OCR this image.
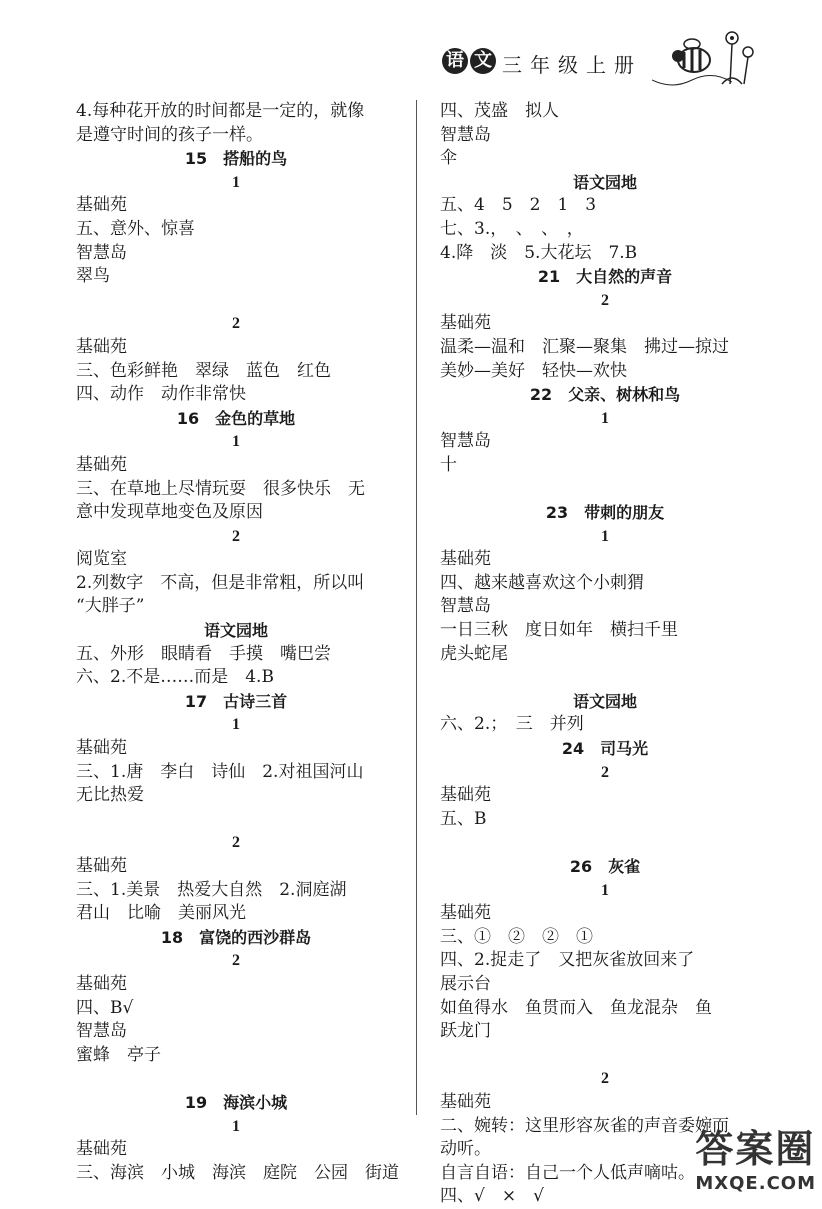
语 文 三年级上册
4.每种花开放的时间都是一定的，就像
是遵守时间的孩子一样。
15　搭船的鸟
1
基础苑
五、意外、惊喜
智慧岛
翠鸟
2
基础苑
三、色彩鲜艳　翠绿　蓝色　红色
四、动作　动作非常快
16　金色的草地
1
基础苑
三、在草地上尽情玩耍　很多快乐　无
意中发现草地变色及原因
2
阅览室
2.列数字　不高，但是非常粗，所以叫
“大胖子”
语文园地
五、外形　眼睛看　手摸　嘴巴尝
六、2.不是……而是　4.B
17　古诗三首
1
基础苑
三、1.唐　李白　诗仙　2.对祖国河山
无比热爱
2
基础苑
三、1.美景　热爱大自然　2.洞庭湖
君山　比喻　美丽风光
18　富饶的西沙群岛
2
基础苑
四、B√
智慧岛
蜜蜂　亭子
19　海滨小城
1
基础苑
三、海滨　小城　海滨　庭院　公园　街道
四、茂盛　拟人
智慧岛
伞
语文园地
五、4　5　2　1　3
七、3.，　、　、　，
4.降　淡　5.大花坛　7.B
21　大自然的声音
2
基础苑
温柔—温和　汇聚—聚集　拂过—掠过
美妙—美好　轻快—欢快
22　父亲、树林和鸟
1
智慧岛
十
23　带刺的朋友
1
基础苑
四、越来越喜欢这个小刺猬
智慧岛
一日三秋　度日如年　横扫千里
虎头蛇尾
语文园地
六、2.；　三　并列
24　司马光
2
基础苑
五、B
26　灰雀
1
基础苑
三、①　②　②　①
四、2.捉走了　又把灰雀放回来了
展示台
如鱼得水　鱼贯而入　鱼龙混杂　鱼
跃龙门
2
基础苑
二、婉转：这里形容灰雀的声音委婉而
动听。
自言自语：自己一个人低声嘀咕。
四、√　×　√
答案圈
MXQE.COM
